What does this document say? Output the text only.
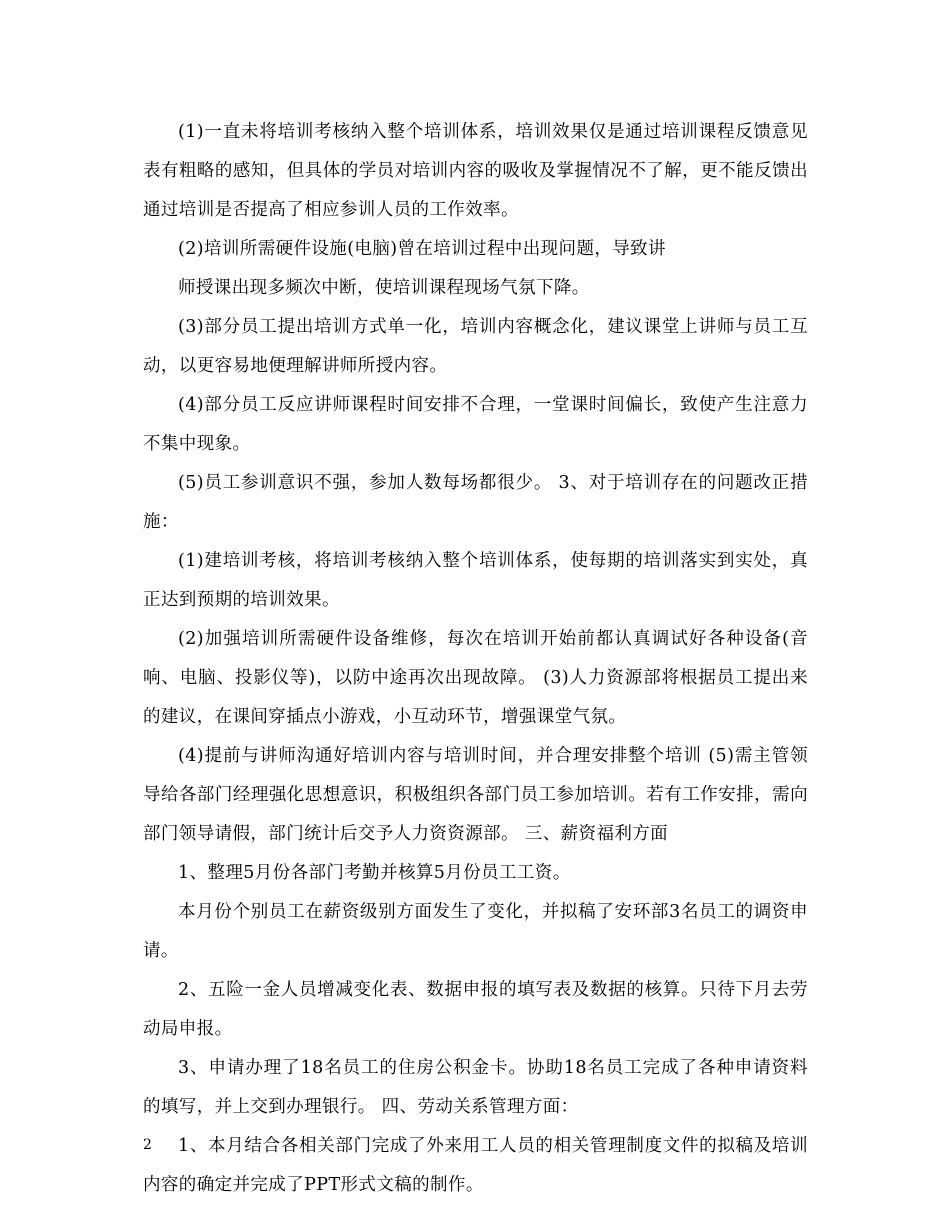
(1)一直未将培训考核纳入整个培训体系，培训效果仅是通过培训课程反馈意见表有粗略的感知，但具体的学员对培训内容的吸收及掌握情况不了解，更不能反馈出通过培训是否提高了相应参训人员的工作效率。

(2)培训所需硬件设施(电脑)曾在培训过程中出现问题，导致讲

师授课出现多频次中断，使培训课程现场气氛下降。

(3)部分员工提出培训方式单一化，培训内容概念化，建议课堂上讲师与员工互动，以更容易地便理解讲师所授内容。

(4)部分员工反应讲师课程时间安排不合理，一堂课时间偏长，致使产生注意力不集中现象。

(5)员工参训意识不强，参加人数每场都很少。 3、对于培训存在的问题改正措施：

(1)建培训考核，将培训考核纳入整个培训体系，使每期的培训落实到实处，真正达到预期的培训效果。

(2)加强培训所需硬件设备维修，每次在培训开始前都认真调试好各种设备(音响、电脑、投影仪等)，以防中途再次出现故障。 (3)人力资源部将根据员工提出来的建议，在课间穿插点小游戏，小互动环节，增强课堂气氛。

(4)提前与讲师沟通好培训内容与培训时间，并合理安排整个培训 (5)需主管领导给各部门经理强化思想意识，积极组织各部门员工参加培训。若有工作安排，需向部门领导请假，部门统计后交予人力资资源部。 三、薪资福利方面

1、整理5月份各部门考勤并核算5月份员工工资。

本月份个别员工在薪资级别方面发生了变化，并拟稿了安环部3名员工的调资申请。

2、五险一金人员增减变化表、数据申报的填写表及数据的核算。只待下月去劳动局申报。

3、申请办理了18名员工的住房公积金卡。协助18名员工完成了各种申请资料的填写，并上交到办理银行。 四、劳动关系管理方面：

1、本月结合各相关部门完成了外来用工人员的相关管理制度文件的拟稿及培训内容的确定并完成了PPT形式文稿的制作。

2
